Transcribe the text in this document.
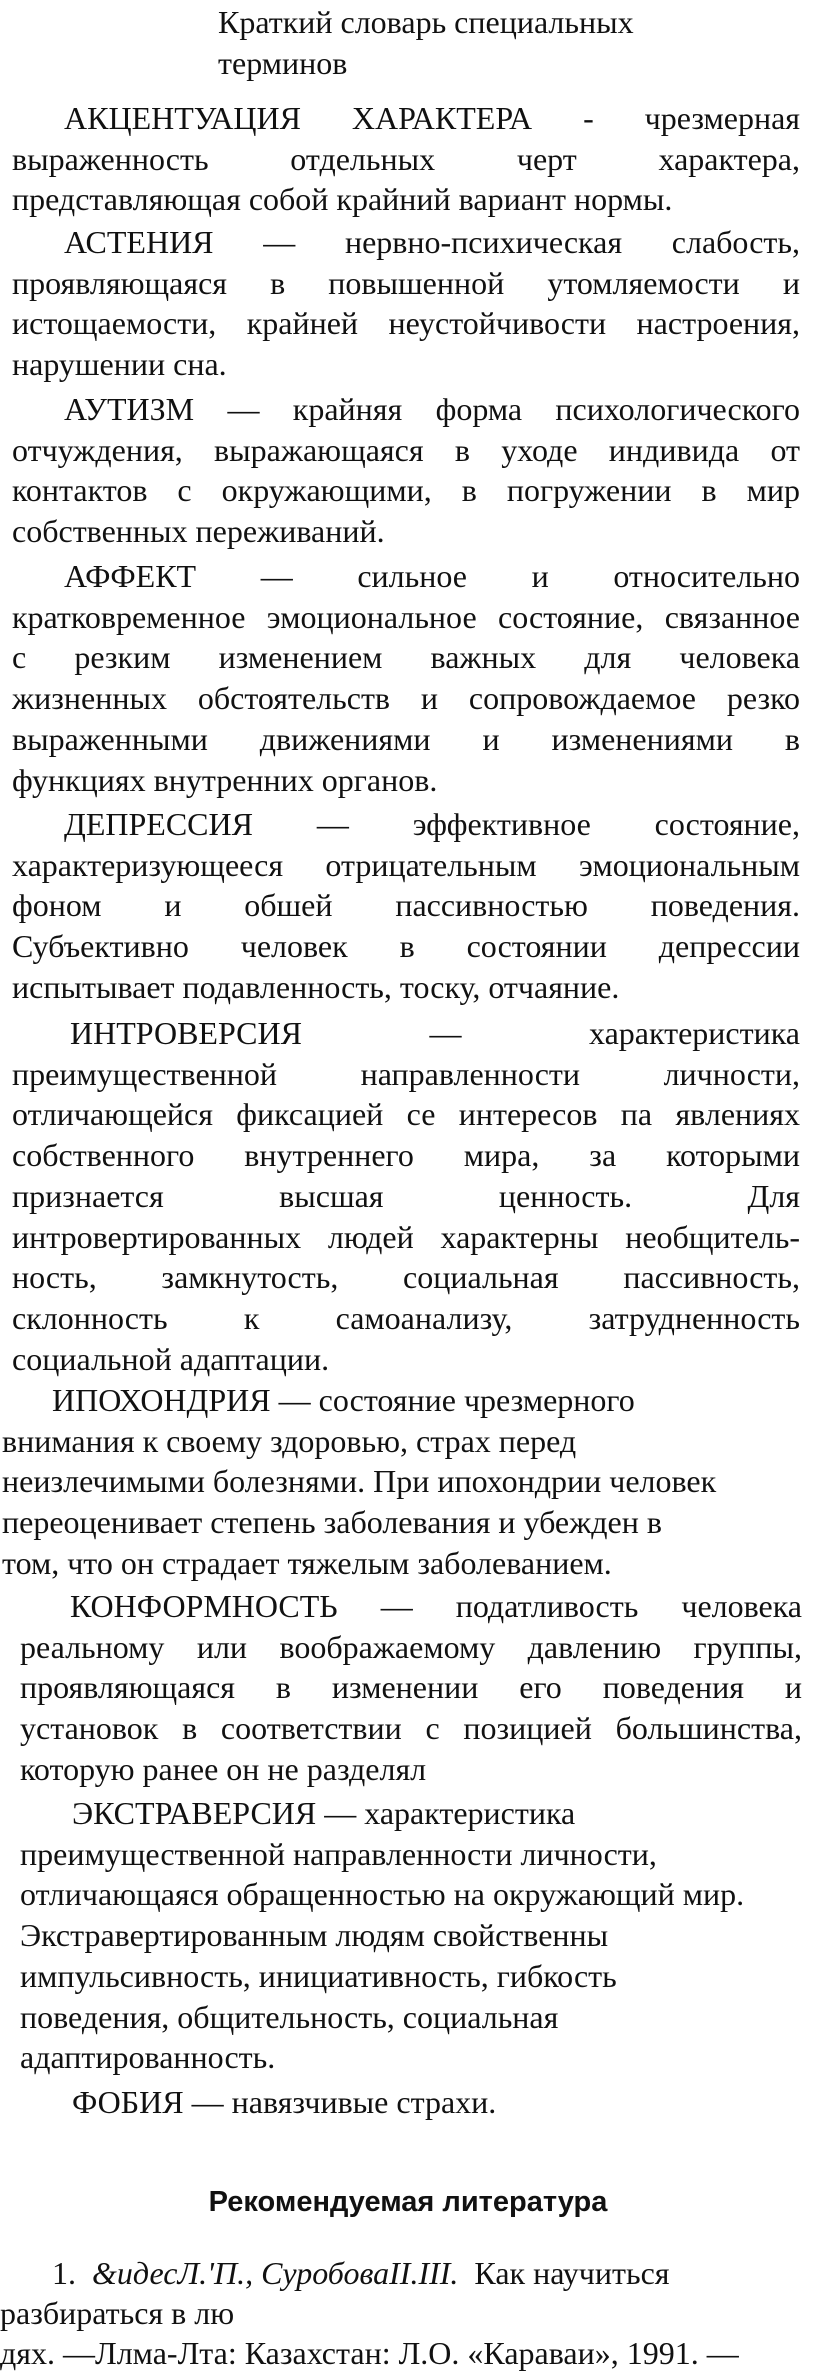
Краткий словарь специальных
терминов
АКЦЕНТУАЦИЯ ХАРАКТЕРА - чрезмерная
выраженность отдельных черт характера,
представляющая собой крайний вариант нормы.
АСТЕНИЯ — нервно-психическая слабость,
проявляющаяся в повышенной утомляемости и
истощаемости, крайней неустойчивости настроения,
нарушении сна.
АУТИЗМ — крайняя форма психологического
отчуждения, выражающаяся в уходе индивида от
контактов с окружающими, в погружении в мир
собственных переживаний.
АФФЕКТ — сильное и относительно
кратковременное эмоциональное состояние, связанное
с резким изменением важных для человека
жизненных обстоятельств и сопровождаемое резко
выраженными движениями и изменениями в
функциях внутренних органов.
ДЕПРЕССИЯ — эффективное состояние,
характеризующееся отрицательным эмоциональным
фоном и обшей пассивностью поведения.
Субъективно человек в состоянии депрессии
испытывает подавленность, тоску, отчаяние.
ИНТРОВЕРСИЯ — характеристика
преимущественной направленности личности,
отличающейся фиксацией се интересов па явлениях
собственного внутреннего мира, за которыми
признается высшая ценность. Для
интровертированных людей характерны необщитель-
ность, замкнутость, социальная пассивность,
склонность к самоанализу, затрудненность
социальной адаптации.
ИПОХОНДРИЯ — состояние чрезмерного
внимания к своему здоровью, страх перед
неизлечимыми болезнями. При ипохондрии человек
переоценивает степень заболевания и убежден в
том, что он страдает тяжелым заболеванием.
КОНФОРМНОСТЬ — податливость человека
реальному или воображаемому давлению группы,
проявляющаяся в изменении его поведения и
установок в соответствии с позицией большинства,
которую ранее он не разделял
ЭКСТРАВЕРСИЯ — характеристика
преимущественной направленности личности,
отличающаяся обращенностью на окружающий мир.
Экстравертированным людям свойственны
импульсивность, инициативность, гибкость
поведения, общительность, социальная
адаптированность.
ФОБИЯ — навязчивые страхи.
Рекомендуемая литература
1. &идесЛ.'П., СуробоваII.III. Как научиться
разбираться в лю
дях. —Ллма-Лта: Казахстан: Л.О. «Караваи», 1991. —
